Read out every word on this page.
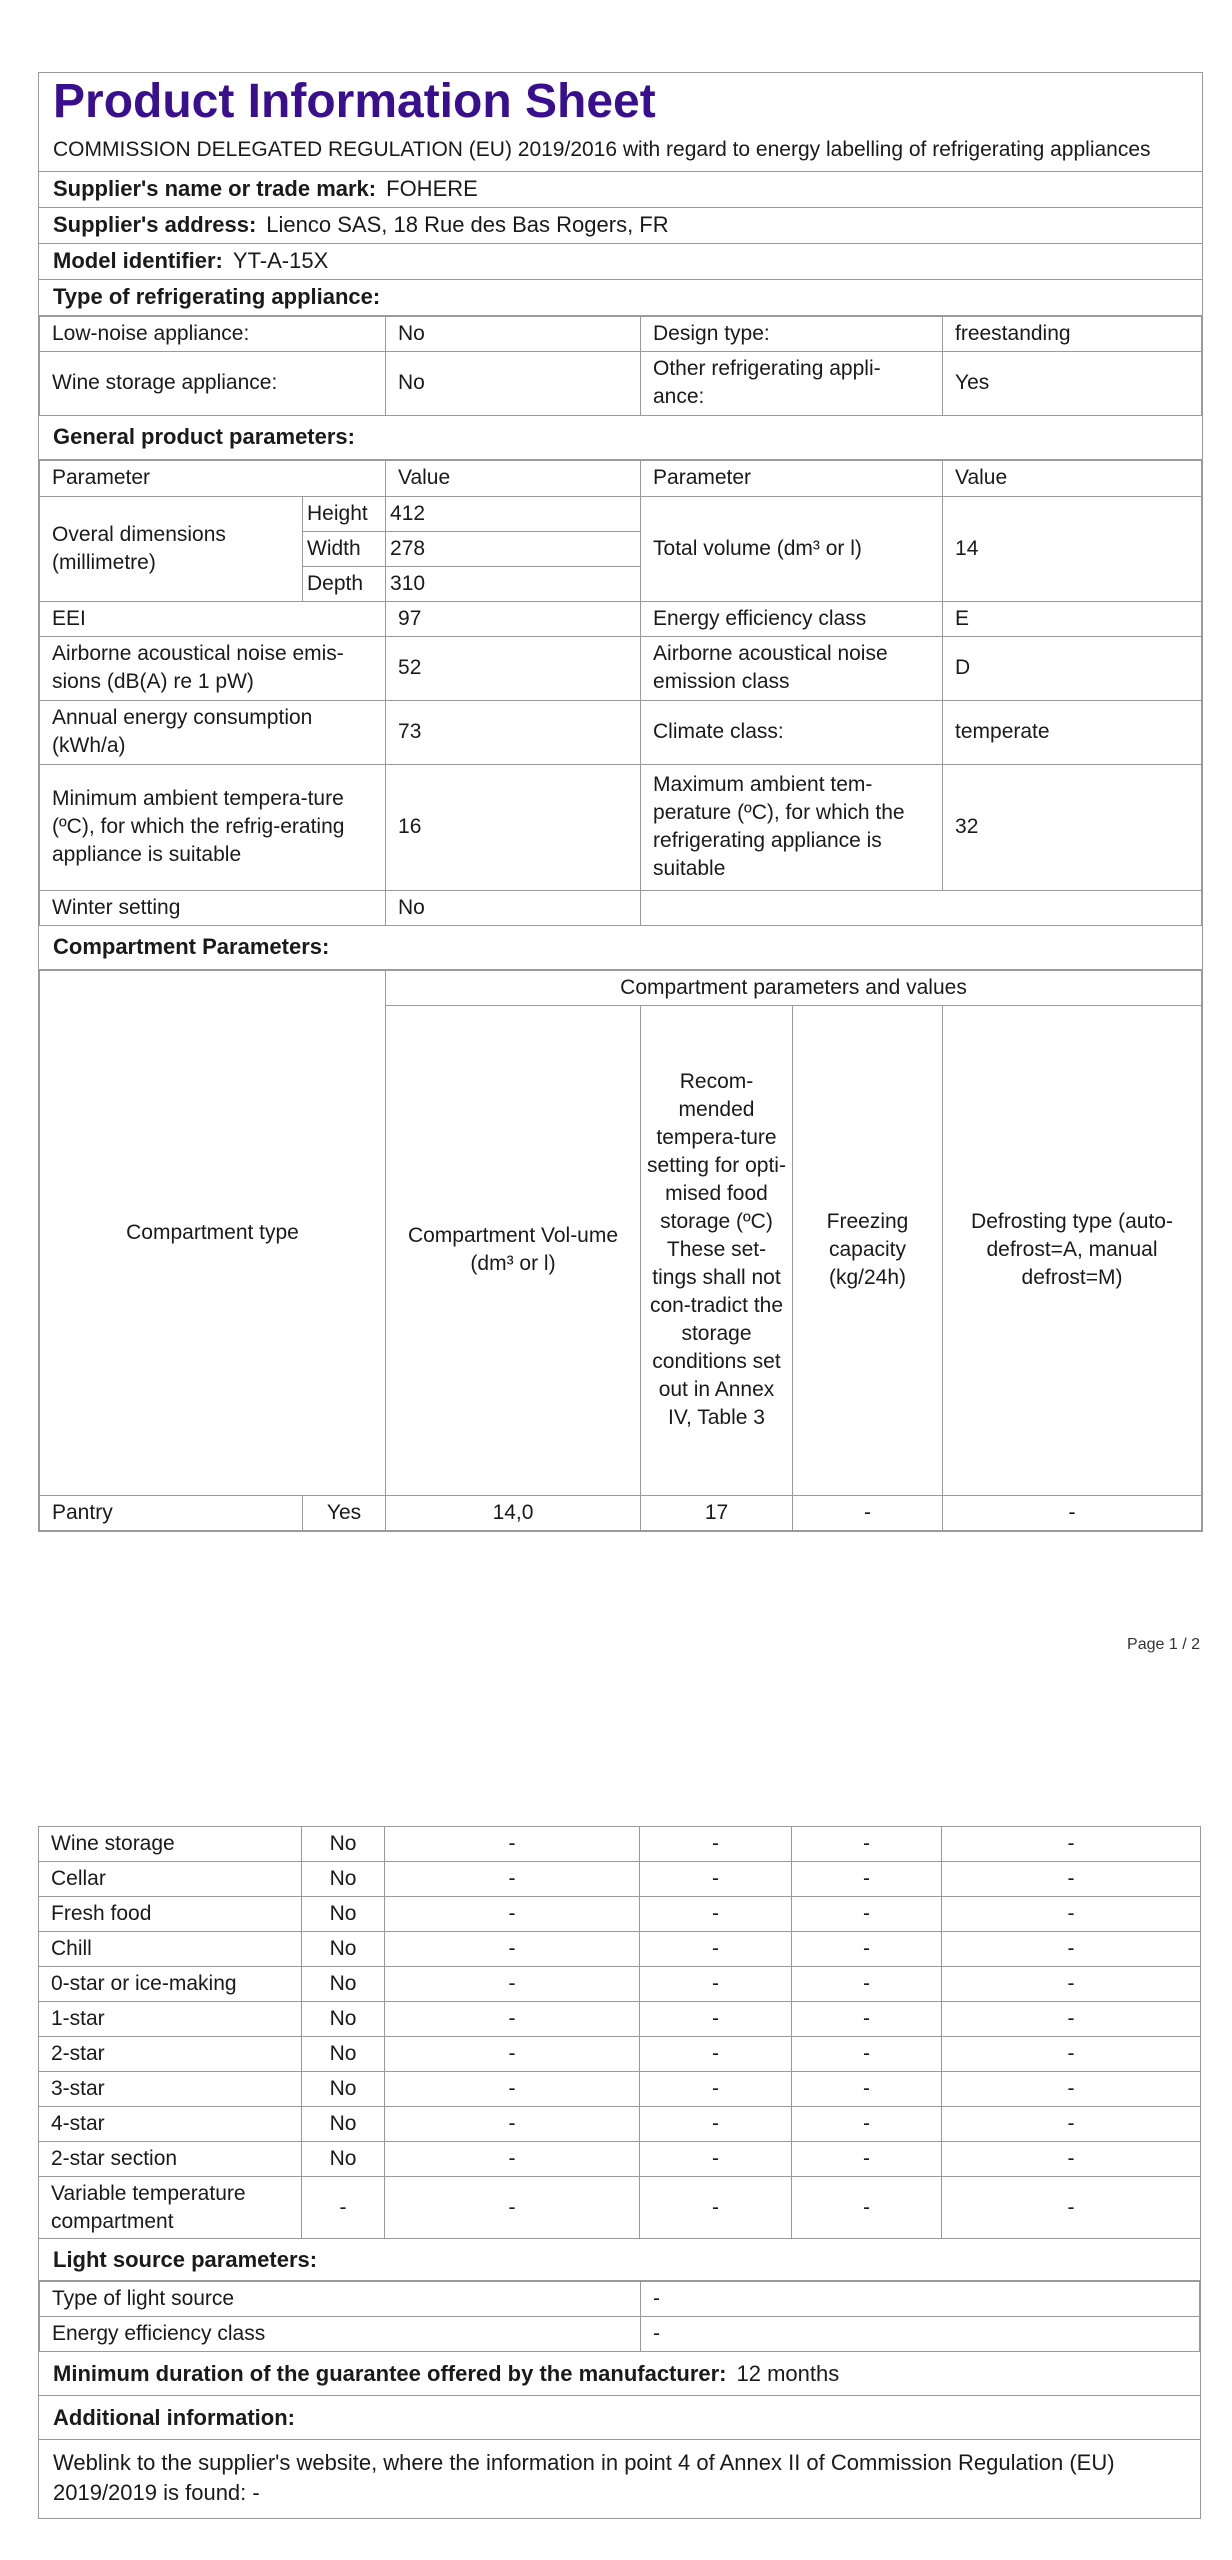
Product Information Sheet
COMMISSION DELEGATED REGULATION (EU) 2019/2016 with regard to energy labelling of refrigerating appliances
Supplier's name or trade mark: FOHERE
Supplier's address: Lienco SAS, 18 Rue des Bas Rogers, FR
Model identifier: YT-A-15X
Type of refrigerating appliance:
Low-noise appliance:	No	Design type:	freestanding
Wine storage appliance:	No	Other refrigerating appli-ance:	Yes
General product parameters:
Parameter		Value	Parameter	Value
Overal dimensions (millimetre)	Height	412	Total volume (dm³ or l)	14
	Width	278		
	Depth	310		
EEI		97	Energy efficiency class	E
Airborne acoustical noise emis-sions (dB(A) re 1 pW)		52	Airborne acoustical noise emission class	D
Annual energy consumption (kWh/a)		73	Climate class:	temperate
Minimum ambient tempera-ture (ºC), for which the refrig-erating appliance is suitable		16	Maximum ambient tem-perature (ºC), for which the refrigerating appliance is suitable	32
Winter setting		No		
Compartment Parameters:
Compartment type		Compartment parameters and values			
		Compartment Vol-ume (dm³ or l)	Recom-mended tempera-ture setting for opti-mised food storage (ºC) These set-tings shall not con-tradict the storage conditions set out in Annex IV, Table 3	Freezing capacity (kg/24h)	Defrosting type (auto-defrost=A, manual defrost=M)
Pantry	Yes	14,0	17	-	-
Page 1 / 2
Wine storage	No	-	-	-	-
Cellar	No	-	-	-	-
Fresh food	No	-	-	-	-
Chill	No	-	-	-	-
0-star or ice-making	No	-	-	-	-
1-star	No	-	-	-	-
2-star	No	-	-	-	-
3-star	No	-	-	-	-
4-star	No	-	-	-	-
2-star section	No	-	-	-	-
Variable temperature compartment	-	-	-	-	-
Light source parameters:
Type of light source	-
Energy efficiency class	-
Minimum duration of the guarantee offered by the manufacturer: 12 months
Additional information:
Weblink to the supplier's website, where the information in point 4 of Annex II of Commission Regulation (EU) 2019/2019 is found: -
